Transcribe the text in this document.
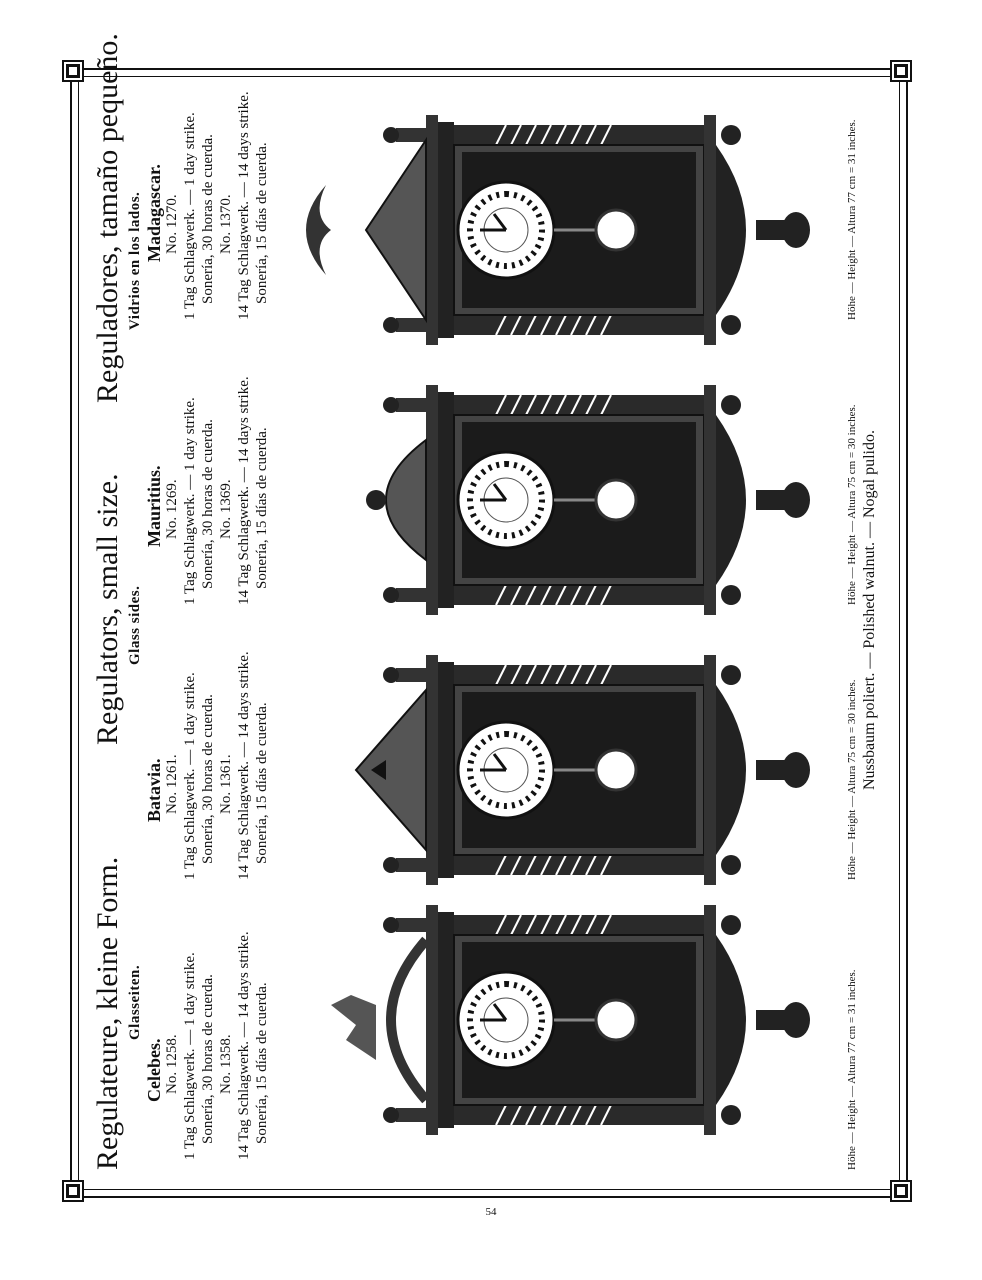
Regulateure, kleine Form.
Regulators, small size.
Reguladores, tamaño pequeño.
Glasseiten.
Glass sides.
Vidrios en los lados.
Celebes. No. 1258. 1 Tag Schlagwerk. — 1 day strike. Sonería, 30 horas de cuerda. No. 1358. 14 Tag Schlagwerk. — 14 days strike. Sonería, 15 días de cuerda.
Batavia. No. 1261. 1 Tag Schlagwerk. — 1 day strike. Sonería, 30 horas de cuerda. No. 1361. 14 Tag Schlagwerk. — 14 days strike. Sonería, 15 días de cuerda.
Mauritius. No. 1269. 1 Tag Schlagwerk. — 1 day strike. Sonería, 30 horas de cuerda. No. 1369. 14 Tag Schlagwerk. — 14 days strike. Sonería, 15 días de cuerda.
Madagascar. No. 1270. 1 Tag Schlagwerk. — 1 day strike. Sonería, 30 horas de cuerda. No. 1370. 14 Tag Schlagwerk. — 14 days strike. Sonería, 15 días de cuerda.
Höhe — Height — Altura 77 cm = 31 inches.
Höhe — Height — Altura 75 cm = 30 inches.
Höhe — Height — Altura 75 cm = 30 inches.
Höhe — Height — Altura 77 cm = 31 inches.
Nussbaum poliert. — Polished walnut. — Nogal pulido.
54
